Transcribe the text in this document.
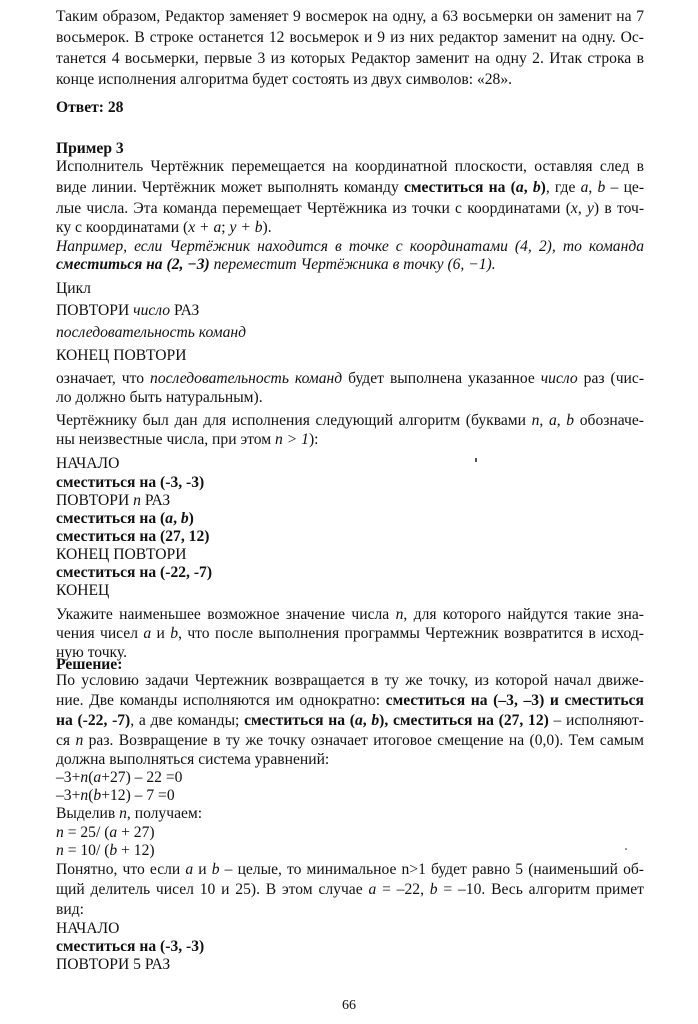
Таким образом, Редактор заменяет 9 восмерок на одну, а 63 восьмерки он заменит на 7
восьмерок. В строке останется 12 восьмерок и 9 из них редактор заменит на одну. Ос-
танется 4 восьмерки, первые 3 из которых Редактор заменит на одну 2. Итак строка в
конце исполнения алгоритма будет состоять из двух символов: «28».
Ответ: 28
Пример 3
Исполнитель Чертёжник перемещается на координатной плоскости, оставляя след в
виде линии. Чертёжник может выполнять команду сместиться на (a, b), где a, b – це-
лые числа. Эта команда перемещает Чертёжника из точки с координатами (x, y) в точ-
ку с координатами (x + a; y + b).
Например, если Чертёжник находится в точке с координатами (4, 2), то команда
сместиться на (2, −3) переместит Чертёжника в точку (6, −1).
Цикл
ПОВТОРИ число РАЗ
последовательность команд
КОНЕЦ ПОВТОРИ
означает, что последовательность команд будет выполнена указанное число раз (чис-
ло должно быть натуральным).
Чертёжнику был дан для исполнения следующий алгоритм (буквами n, a, b обозначе-
ны неизвестные числа, при этом n > 1):
НАЧАЛО
сместиться на (-3, -3)
ПОВТОРИ n РАЗ
сместиться на (a, b)
сместиться на (27, 12)
КОНЕЦ ПОВТОРИ
сместиться на (-22, -7)
КОНЕЦ
Укажите наименьшее возможное значение числа n, для которого найдутся такие зна-
чения чисел a и b, что после выполнения программы Чертежник возвратится в исход-
ную точку.
Решение:
По условию задачи Чертежник возвращается в ту же точку, из которой начал движе-
ние. Две команды исполняются им однократно: сместиться на (–3, –3) и сместиться
на (-22, -7), а две команды; сместиться на (a, b), сместиться на (27, 12) – исполняют-
ся n раз. Возвращение в ту же точку означает итоговое смещение на (0,0). Тем самым
должна выполняться система уравнений:
–3+n(a+27) – 22 =0
–3+n(b+12) – 7 =0
Выделив n, получаем:
n = 25/ (a + 27)
n = 10/ (b + 12)
Понятно, что если a и b – целые, то минимальное n>1 будет равно 5 (наименьший об-
щий делитель чисел 10 и 25). В этом случае a = –22, b = –10. Весь алгоритм примет
вид:
НАЧАЛО
сместиться на (-3, -3)
ПОВТОРИ 5 РАЗ
66
